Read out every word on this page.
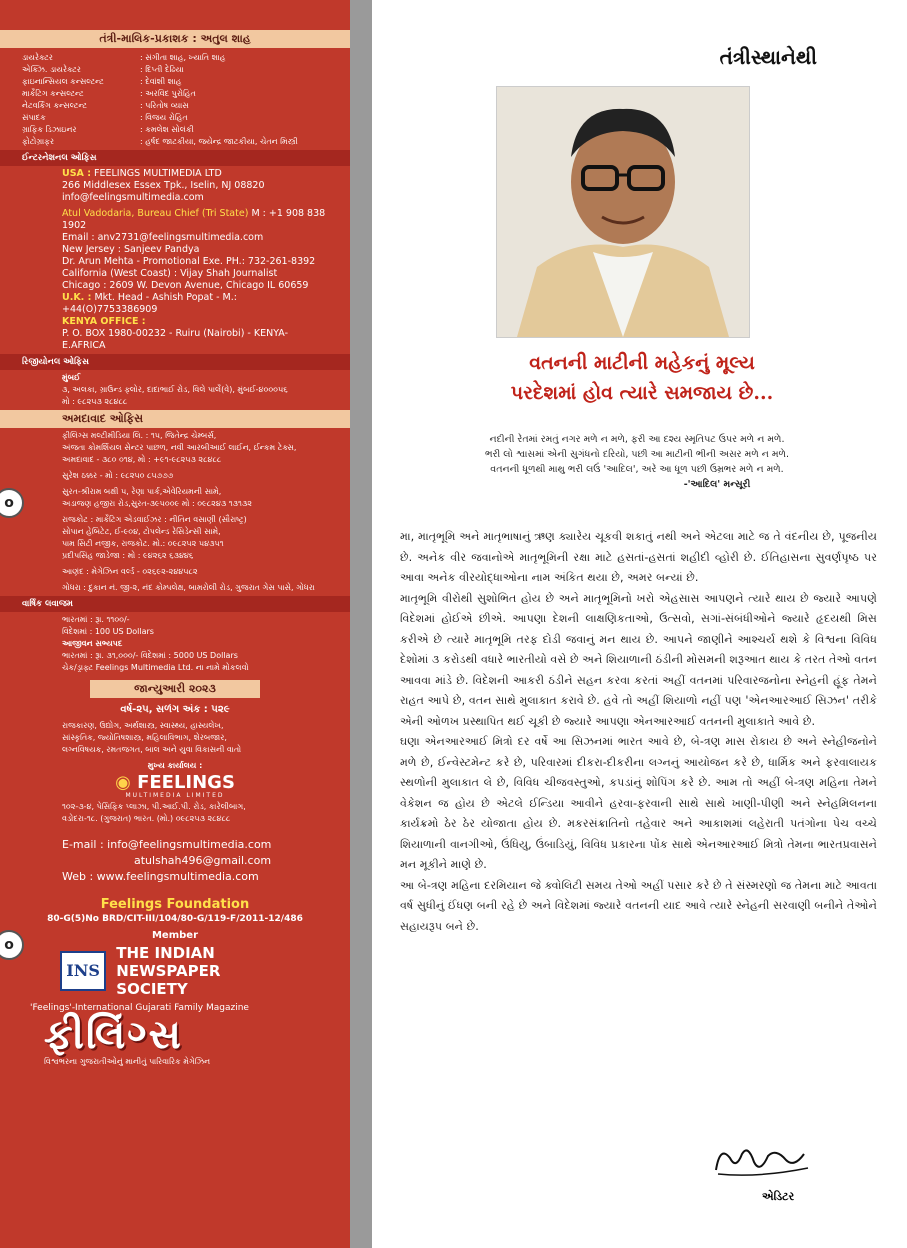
તંત્રી-માલિક-પ્રકાશક : અતુલ શાહ
ડાયરેક્ટર	: સંગીતા શાહ, ખ્યાતિ શાહ
એક્ઝિ. ડાયરેક્ટર	: દિપ્તી દેઢિયા
ફાઇનાન્સિયલ કન્સલ્ટન્ટ	: દેવાંશી શાહ
માર્કેટિંગ કન્સલ્ટન્ટ	: અરવિંદ પુરોહિત
નેટવર્કિંગ કન્સલ્ટન્ટ	: પરિતોષ વ્યાસ
સંપાદક	: વિજય રોહિત
ગ્રાફિક ડિઝાઇનર	: કમલેશ સોલંકી
ફોટોગ્રાફર	: હર્ષદ જાટકીયા, જયેન્દ્ર જાટકીયા, ચેતન મિસ્ત્રી
ઈન્ટરનેશનલ ઓફિસ
USA : FEELINGS MULTIMEDIA LTD
266 Middlesex Essex Tpk., Iselin, NJ 08820
info@feelingsmultimedia.com
Atul Vadodaria, Bureau Chief (Tri State) M : +1 908 838 1902
Email : anv2731@feelingsmultimedia.com
New Jersey : Sanjeev Pandya
Dr. Arun Mehta - Promotional Exe. PH.: 732-261-8392
California (West Coast) : Vijay Shah Journalist
Chicago : 2609 W. Devon Avenue, Chicago IL 60659
U.K. : Mkt. Head - Ashish Popat - M.: +44(O)7753386909
KENYA OFFICE :
P. O. BOX 1980-00232 - Ruiru (Nairobi) - KENYA-E.AFRICA
રિજીયોનલ ઓફિસ
મુંબઈ
૩, અલકા, ગ્રાઉન્ડ ફ્લોર, દાદાભાઈ રોડ, વિલે પાર્લે(વે), મુંબઈ-૪૦૦૦૫૬
મો : ૯૮૨૫૩ ૨૮૪૮૮
o
અમદાવાદ ઓફિસ
ફીલિંગ્સ મલ્ટીમીડિયા લિ. : ૧૫, જિતેન્દ્ર ચેમ્બર્સ,
અંજતા કોમર્શિયલ સેન્ટર પાછળ, નવી આરબીઆઈ લાઈન, ઈન્કમ ટેક્સ,
અમદાવાદ - ૩૮૦ ૦૧૪, મો : +૯૧-૯૮૨૫૩ ૨૮૪૮૮
સુરેશ ઠક્કર - મો : ૯૮૨૫૦ ૮૫૭૭૭
સુરત-શ્રીરામ બક્ષી ૫, રેણા પાર્ક,એવેરિયમની સામે,
અડાજણ હજીરા રોડ,સુરત-૩૯૫૦૦૯ મો : ૦૯૮૨૪૩ ૧૩૧૩૨
રાજકોટ : માર્કેટિંગ એડવાઈઝર : નીતિન વસાણી (સૌરાષ્ટ્ર)
સોપાન હેબિટેટ, ઈ-૯૦૪, ટોપલેન્ડ રેસિડેન્સી સામે,
પામ સિટી નજીક, રાજકોટ. મો.: ૦૯૮૨૫૨ ૫૪૩૫૧
પ્રદીપસિંહ જાડેજા : મો : ૯૪૨૬૨ ૬૩૪૪૬
આણંદ : મેગેઝિન વર્લ્ડ - ૦૨૬૯૨-૨૪૪૫૮૨
ગોધરા : દુકાન નં. જી-૨, નંદ કોમ્પલેક્ષ, બામરોલી રોડ, ગુજરાત ગેસ પાસે, ગોધરા
વાર્ષિક લવાજમ
ભારતમાં : રૂા. ૧૧૦૦/-
વિદેશમાં : 100 US Dollars
આજીવન સભ્યપદ
ભારતમાં : રૂા. ૩૧,૦૦૦/- વિદેશમાં : 5000 US Dollars
ચેક/ડ્રાફ્ટ Feelings Multimedia Ltd. ના નામે મોકલવો
જાન્યુઆરી ૨૦૨૩
વર્ષ-૨૫, સળંગ અંક : ૫૨૯
રાજકારણ, ઉદ્યોગ, અર્થશાસ્ત્ર, સ્વાસ્થ્ય, હાસ્યલેખ,
સાંસ્કૃતિક, જ્યોતિષશાસ્ત્ર, મહિલાવિભાગ, શેરબજાર,
લગ્નવિષયક, રમતજગત, બાલ અને યુવા વિકાસની વાતો
મુખ્ય કાર્યાલય :
o
◉ FEELINGS
MULTIMEDIA LIMITED
૧૦૨-૩-૪, પેસિફિક પ્લાઝા, પી.આઈ.પી. રોડ, કારેલીબાગ,
વડોદરા-૧૮. (ગુજરાત) ભારત. (મો.) ૦૯૮૨૫૩ ૨૮૪૮૮
E-mail : info@feelingsmultimedia.com
atulshah496@gmail.com
Web : www.feelingsmultimedia.com
Feelings Foundation
80-G(5)No BRD/CIT-III/104/80-G/119-F/2011-12/486
Member
INS
THE INDIAN
NEWSPAPER SOCIETY
'Feelings'-International Gujarati Family Magazine
ફીલિંગ્સ
વિશ્વભરના ગુજરાતીઓનું માનીતું પારિવારિક મેગેઝિન
તંત્રીસ્થાનેથી
વતનની માટીની મહેકનું મૂલ્ય
પરદેશમાં હોવ ત્યારે સમજાય છે...
નદીની રેતમાં રમતું નગર મળે ન મળે, ફરી આ દશ્ય સ્મૃતિપટ ઉપર મળે ન મળે.
ભરી લો શ્વાસમાં એની સુગંધનો દરિયો, પછી આ માટીની ભીની અસર મળે ન મળે.
વતનની ધૂળથી માથુ ભરી લઉં 'આદિલ', અરે આ ધૂળ પછી ઉમ્રભર મળે ન મળે.
-'આદિલ' મન્સૂરી

મા, માતૃભૂમિ અને માતૃભાષાનું ઋણ ક્યારેય ચૂકવી શકાતું નથી અને એટલા માટે જ તે વંદનીય છે, પૂજનીય છે. અનેક વીર જવાનોએ માતૃભૂમિની રક્ષા માટે હસતાં-હસતાં શહીદી વ્હોરી છે. ઈતિહાસના સુવર્ણપૃષ્ઠ પર આવા અનેક વીરયોદ્ધાઓના નામ અંકિત થયા છે, અમર બન્યાં છે.

માતૃભૂમિ વીરોથી સુશોભિત હોય છે અને માતૃભૂમિનો ખરો એહસાસ આપણને ત્યારે થાય છે જ્યારે આપણે વિદેશમાં હોઈએ છીએ. આપણા દેશની લાક્ષણિકતાઓ, ઉત્સવો, સગાં-સંબંધીઓને જ્યારે હૃદયથી મિસ કરીએ છે ત્યારે માતૃભૂમિ તરફ દોડી જવાનું મન થાય છે. આપને જાણીને આશ્ચર્ય થશે કે વિશ્વના વિવિધ દેશોમાં ૩ કરોડથી વધારે ભારતીયો વસે છે અને શિયાળાની ઠંડીની મોસમની શરૂઆત થાય કે તરત તેઓ વતન આવવા માંડે છે. વિદેશની આકરી ઠંડીને સહન કરવા કરતાં અહીં વતનમાં પરિવારજનોના સ્નેહની હૂંફ તેમને રાહત આપે છે, વતન સાથે મુલાકાત કરાવે છે. હવે તો અહીં શિયાળો નહીં પણ 'એનઆરઆઈ સિઝન' તરીકે એની ઓળખ પ્રસ્થાપિત થઈ ચૂકી છે જ્યારે આપણા એનઆરઆઈ વતનની મુલાકાતે આવે છે.

ઘણા એનઆરઆઈ મિત્રો દર વર્ષે આ સિઝનમાં ભારત આવે છે, બે-ત્રણ માસ રોકાય છે અને સ્નેહીજનોને મળે છે, ઈન્વેસ્ટમેન્ટ કરે છે, પરિવારમાં દીકરા-દીકરીના લગ્નનું આયોજન કરે છે, ધાર્મિક અને ફરવાલાયક સ્થળોની મુલાકાત લે છે, વિવિધ ચીજવસ્તુઓ, કપડાંનું શોપિંગ કરે છે. આમ તો અહીં બે-ત્રણ મહિના તેમને વેકેશન જ હોય છે એટલે ઈન્ડિયા આવીને હરવા-ફરવાની સાથે સાથે ખાણી-પીણી અને સ્નેહમિલનના કાર્યક્રમો ઠેર ઠેર યોજાતા હોય છે. મકરસંક્રાતિનો તહેવાર અને આકાશમાં લહેરાતી પતંગોના પેચ વચ્ચે શિયાળાની વાનગીઓ, ઉંધિયુ, ઉંબાડિયું, વિવિધ પ્રકારના પોંક સાથે એનઆરઆઈ મિત્રો તેમના ભારતપ્રવાસને મન મૂકીને માણે છે.

આ બે-ત્રણ મહિના દરમિયાન જે ક્વોલિટી સમય તેઓ અહીં પસાર કરે છે તે સંસ્મરણો જ તેમના માટે આવતા વર્ષ સુધીનું ઈંધણ બની રહે છે અને વિદેશમાં જ્યારે વતનની યાદ આવે ત્યારે સ્નેહની સરવાણી બનીને તેઓને સહાયરૂપ બને છે.

એડિટર
